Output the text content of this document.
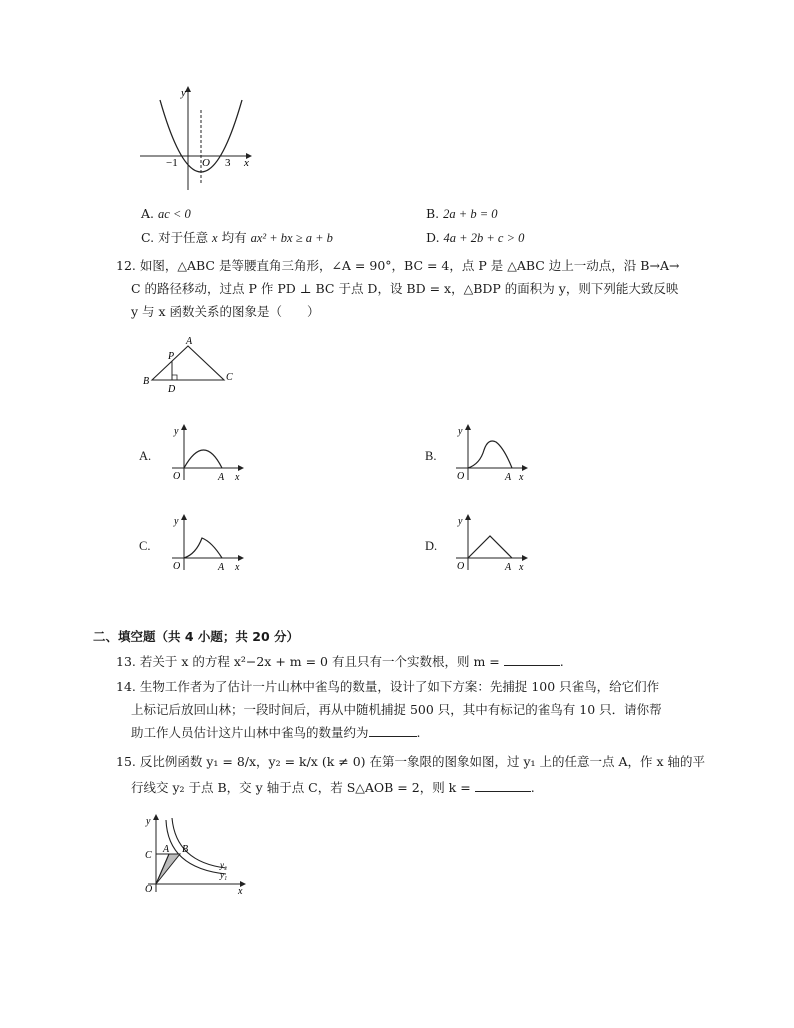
y
x
−1 O 3
A. ac < 0	B. 2a + b = 0
C. 对于任意 x 均有 ax² + bx ≥ a + b	D. 4a + 2b + c > 0
12. 如图，△ABC 是等腰直角三角形，∠A = 90°，BC = 4，点 P 是 △ABC 边上一动点，沿 B→A→
C 的路径移动，过点 P 作 PD ⊥ BC 于点 D，设 BD = x，△BDP 的面积为 y，则下列能大致反映
y 与 x 函数关系的图象是（　　）
A
B	C
P
D
A.
y
O	A x
B.
y
O	A x
C.
y
O	A x
D.
y
O	A x
二、填空题（共 4 小题；共 20 分）
13. 若关于 x 的方程 x²−2x + m = 0 有且只有一个实数根，则 m =	.
14. 生物工作者为了估计一片山林中雀鸟的数量，设计了如下方案：先捕捉 100 只雀鸟，给它们作
上标记后放回山林；一段时间后，再从中随机捕捉 500 只，其中有标记的雀鸟有 10 只．请你帮
助工作人员估计这片山林中雀鸟的数量约为	.
15. 反比例函数 y₁ = 8/x，y₂ = k/x (k ≠ 0) 在第一象限的图象如图，过 y₁ 上的任意一点 A，作 x 轴的平
行线交 y₂ 于点 B，交 y 轴于点 C，若 S△AOB = 2，则 k =	.
y
x
O
A B
C
y₂
y₁
